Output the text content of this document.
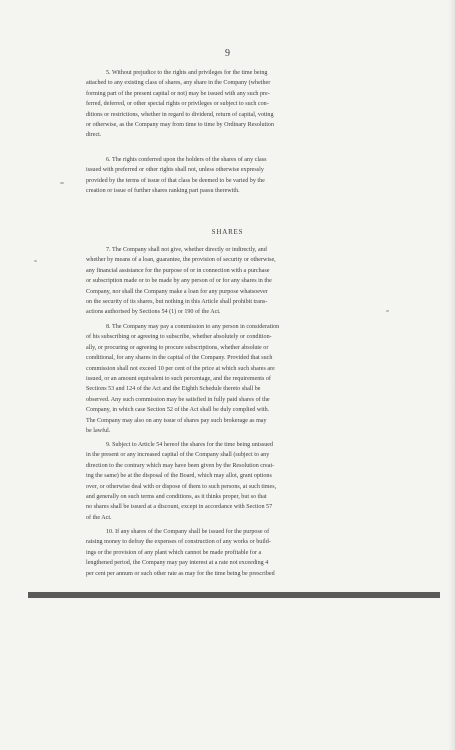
9

5. Without prejudice to the rights and privileges for the time being
attached to any existing class of shares, any share in the Company (whether
forming part of the present capital or not) may be issued with any such pre-
ferred, deferred, or other special rights or privileges or subject to such con-
ditions or restrictions, whether in regard to dividend, return of capital, voting
or otherwise, as the Company may from time to time by Ordinary Resolution
direct.

6. The rights conferred upon the holders of the shares of any class
issued with preferred or other rights shall not, unless otherwise expressly
provided by the terms of issue of that class be deemed to be varied by the
creation or issue of further shares ranking pari passu therewith.

SHARES

7. The Company shall not give, whether directly or indirectly, and
whether by means of a loan, guarantee, the provision of security or otherwise,
any financial assistance for the purpose of or in connection with a purchase
or subscription made or to be made by any person of or for any shares in the
Company, nor shall the Company make a loan for any purpose whatsoever
on the security of its shares, but nothing in this Article shall prohibit trans-
actions authorised by Sections 54 (1) or 190 of the Act.

8. The Company may pay a commission to any person in consideration
of his subscribing or agreeing to subscribe, whether absolutely or condition-
ally, or procuring or agreeing to procure subscriptions, whether absolute or
conditional, for any shares in the capital of the Company. Provided that such
commission shall not exceed 10 per cent of the price at which such shares are
issued, or an amount equivalent to such percentage, and the requirements of
Sections 53 and 124 of the Act and the Eighth Schedule thereto shall be
observed. Any such commission may be satisfied in fully paid shares of the
Company, in which case Section 52 of the Act shall be duly complied with.
The Company may also on any issue of shares pay such brokerage as may
be lawful.

9. Subject to Article 54 hereof the shares for the time being unissued
in the present or any increased capital of the Company shall (subject to any
direction to the contrary which may have been given by the Resolution creat-
ing the same) be at the disposal of the Board, which may allot, grant options
over, or otherwise deal with or dispose of them to such persons, at such times,
and generally on such terms and conditions, as it thinks proper, but so that
no shares shall be issued at a discount, except in accordance with Section 57
of the Act.

10. If any shares of the Company shall be issued for the purpose of
raising money to defray the expenses of construction of any works or build-
ings or the provision of any plant which cannot be made profitable for a
lengthened period, the Company may pay interest at a rate not exceeding 4
per cent per annum or such other rate as may for the time being be prescribed
